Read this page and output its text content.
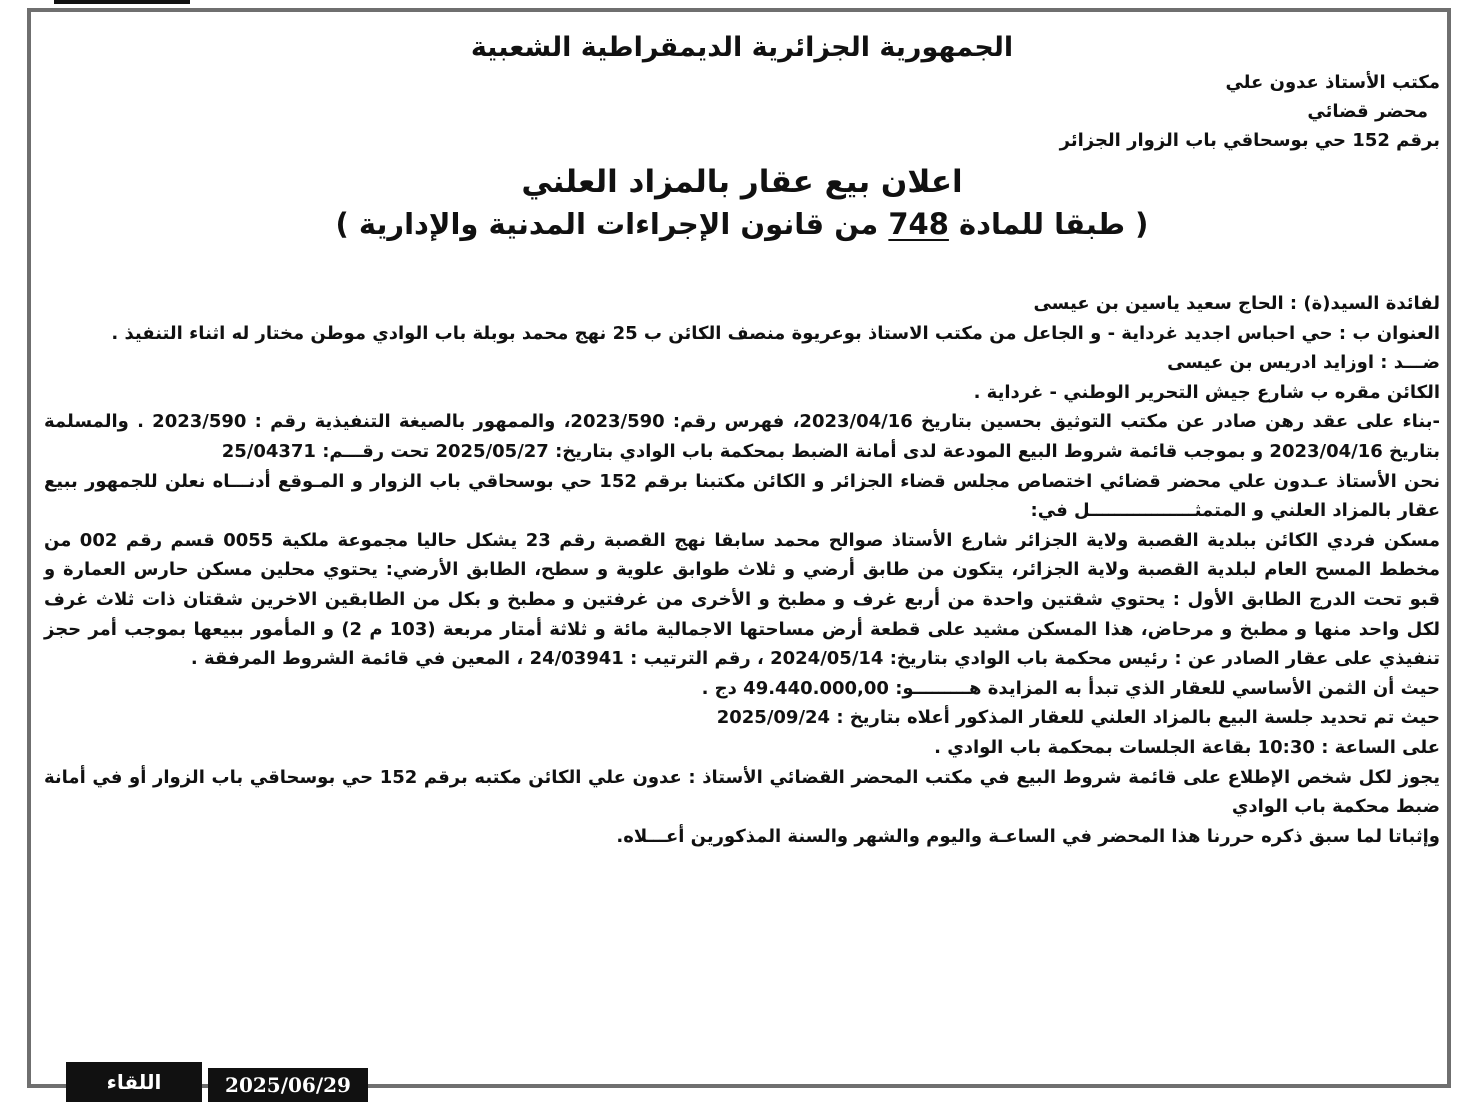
الجمهورية الجزائرية الديمقراطية الشعبية

مكتب الأستاذ عدون علي

محضر قضائي

برقم 152 حي بوسحاقي باب الزوار الجزائر

اعلان بيع عقار بالمزاد العلني

( طبقا للمادة 748 من قانون الإجراءات المدنية والإدارية )

لفائدة السيد(ة) : الحاج سعيد ياسين بن عيسى

العنوان ب : حي احباس اجديد غرداية - و الجاعل من مكتب الاستاذ بوعريوة منصف الكائن ب 25 نهج محمد بوبلة باب الوادي موطن مختار له اثناء التنفيذ .

ضـــد : اوزايد ادريس بن عيسى

الكائن مقره ب شارع جيش التحرير الوطني - غرداية .

-بناء على عقد رهن صادر عن مكتب التوثيق بحسين بتاريخ 2023/04/16، فهرس رقم: 2023/590، والممهور بالصيغة التنفيذية رقم : 2023/590 . والمسلمة بتاريخ 2023/04/16 و بموجب قائمة شروط البيع المودعة لدى أمانة الضبط بمحكمة باب الوادي بتاريخ: 2025/05/27 تحت رقـــم: 25/04371

نحن الأستاذ عـدون علي محضر قضائي اختصاص مجلس قضاء الجزائر و الكائن مكتبنا برقم 152 حي بوسحاقي باب الزوار و المـوقع أدنـــاه نعلن للجمهور ببيع عقار بالمزاد العلني و المتمثـــــــــــــــــل في:

مسكن فردي الكائن ببلدية القصبة ولاية الجزائر شارع الأستاذ صوالح محمد سابقا نهج القصبة رقم 23 يشكل حاليا مجموعة ملكية 0055 قسم رقم 002 من مخطط المسح العام لبلدية القصبة ولاية الجزائر، يتكون من طابق أرضي و ثلاث طوابق علوية و سطح، الطابق الأرضي: يحتوي محلين مسكن حارس العمارة و قبو تحت الدرج الطابق الأول : يحتوي شقتين واحدة من أربع غرف و مطبخ و الأخرى من غرفتين و مطبخ و بكل من الطابقين الاخرين شقتان ذات ثلاث غرف لكل واحد منها و مطبخ و مرحاض، هذا المسكن مشيد على قطعة أرض مساحتها الاجمالية مائة و ثلاثة أمتار مربعة (103 م 2) و المأمور ببيعها بموجب أمر حجز تنفيذي على عقار الصادر عن : رئيس محكمة باب الوادي بتاريخ: 2024/05/14 ، رقم الترتيب : 24/03941 ، المعين في قائمة الشروط المرفقة .

حيث أن الثمن الأساسي للعقار الذي تبدأ به المزايدة هـــــــــو: 49.440.000,00 دج .

حيث تم تحديد جلسة البيع بالمزاد العلني للعقار المذكور أعلاه بتاريخ : 2025/09/24

على الساعة : 10:30 بقاعة الجلسات بمحكمة باب الوادي .

يجوز لكل شخص الإطلاع على قائمة شروط البيع في مكتب المحضر القضائي الأستاذ : عدون علي الكائن مكتبه برقم 152 حي بوسحاقي باب الزوار أو في أمانة ضبط محكمة باب الوادي

وإثباتا لما سبق ذكره حررنا هذا المحضر في الساعـة واليوم والشهر والسنة المذكورين أعـــلاه.

اللقاء	2025/06/29
